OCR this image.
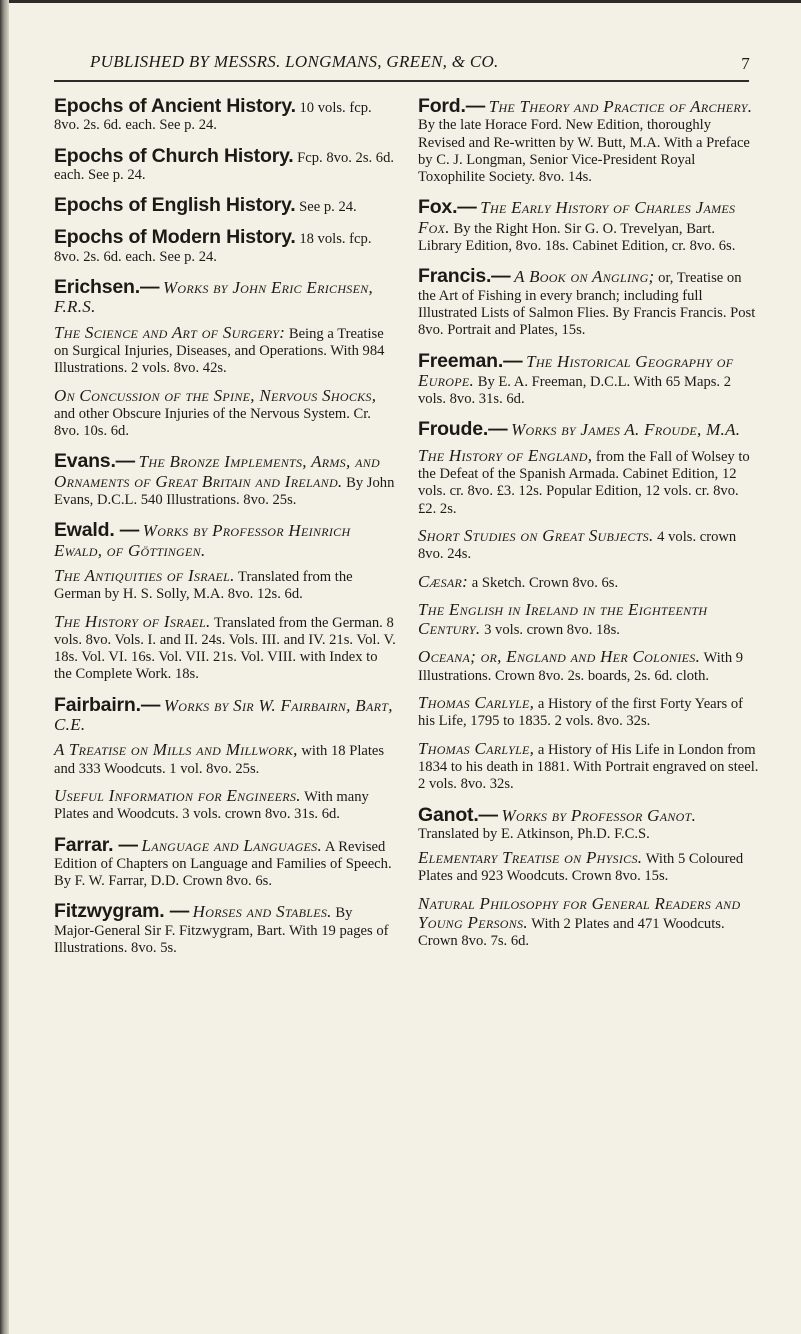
PUBLISHED BY MESSRS. LONGMANS, GREEN, & CO.	7
Epochs of Ancient History. 10 vols. fcp. 8vo. 2s. 6d. each. See p. 24.
Epochs of Church History. Fcp. 8vo. 2s. 6d. each. See p. 24.
Epochs of English History. See p. 24.
Epochs of Modern History. 18 vols. fcp. 8vo. 2s. 6d. each. See p. 24.
Erichsen.— Works by John Eric Erichsen, F.R.S.
The Science and Art of Surgery: Being a Treatise on Surgical Injuries, Diseases, and Operations. With 984 Illustrations. 2 vols. 8vo. 42s.
On Concussion of the Spine, Nervous Shocks, and other Obscure Injuries of the Nervous System. Cr. 8vo. 10s. 6d.
Evans.— The Bronze Implements, Arms, and Ornaments of Great Britain and Ireland. By John Evans, D.C.L. 540 Illustrations. 8vo. 25s.
Ewald. — Works by Professor Heinrich Ewald, of Göttingen.
The Antiquities of Israel. Translated from the German by H. S. Solly, M.A. 8vo. 12s. 6d.
The History of Israel. Translated from the German. 8 vols. 8vo. Vols. I. and II. 24s. Vols. III. and IV. 21s. Vol. V. 18s. Vol. VI. 16s. Vol. VII. 21s. Vol. VIII. with Index to the Complete Work. 18s.
Fairbairn.— Works by Sir W. Fairbairn, Bart, C.E.
A Treatise on Mills and Millwork, with 18 Plates and 333 Woodcuts. 1 vol. 8vo. 25s.
Useful Information for Engineers. With many Plates and Woodcuts. 3 vols. crown 8vo. 31s. 6d.
Farrar. — Language and Languages. A Revised Edition of Chapters on Language and Families of Speech. By F. W. Farrar, D.D. Crown 8vo. 6s.
Fitzwygram. — Horses and Stables. By Major-General Sir F. Fitzwygram, Bart. With 19 pages of Illustrations. 8vo. 5s.
Ford.— The Theory and Practice of Archery. By the late Horace Ford. New Edition, thoroughly Revised and Re-written by W. Butt, M.A. With a Preface by C. J. Longman, Senior Vice-President Royal Toxophilite Society. 8vo. 14s.
Fox.— The Early History of Charles James Fox. By the Right Hon. Sir G. O. Trevelyan, Bart. Library Edition, 8vo. 18s. Cabinet Edition, cr. 8vo. 6s.
Francis.— A Book on Angling; or, Treatise on the Art of Fishing in every branch; including full Illustrated Lists of Salmon Flies. By Francis Francis. Post 8vo. Portrait and Plates, 15s.
Freeman.— The Historical Geography of Europe. By E. A. Freeman, D.C.L. With 65 Maps. 2 vols. 8vo. 31s. 6d.
Froude.— Works by James A. Froude, M.A.
The History of England, from the Fall of Wolsey to the Defeat of the Spanish Armada. Cabinet Edition, 12 vols. cr. 8vo. £3. 12s. Popular Edition, 12 vols. cr. 8vo. £2. 2s.
Short Studies on Great Subjects. 4 vols. crown 8vo. 24s.
Cæsar: a Sketch. Crown 8vo. 6s.
The English in Ireland in the Eighteenth Century. 3 vols. crown 8vo. 18s.
Oceana; or, England and Her Colonies. With 9 Illustrations. Crown 8vo. 2s. boards, 2s. 6d. cloth.
Thomas Carlyle, a History of the first Forty Years of his Life, 1795 to 1835. 2 vols. 8vo. 32s.
Thomas Carlyle, a History of His Life in London from 1834 to his death in 1881. With Portrait engraved on steel. 2 vols. 8vo. 32s.
Ganot.— Works by Professor Ganot. Translated by E. Atkinson, Ph.D. F.C.S.
Elementary Treatise on Physics. With 5 Coloured Plates and 923 Woodcuts. Crown 8vo. 15s.
Natural Philosophy for General Readers and Young Persons. With 2 Plates and 471 Woodcuts. Crown 8vo. 7s. 6d.
